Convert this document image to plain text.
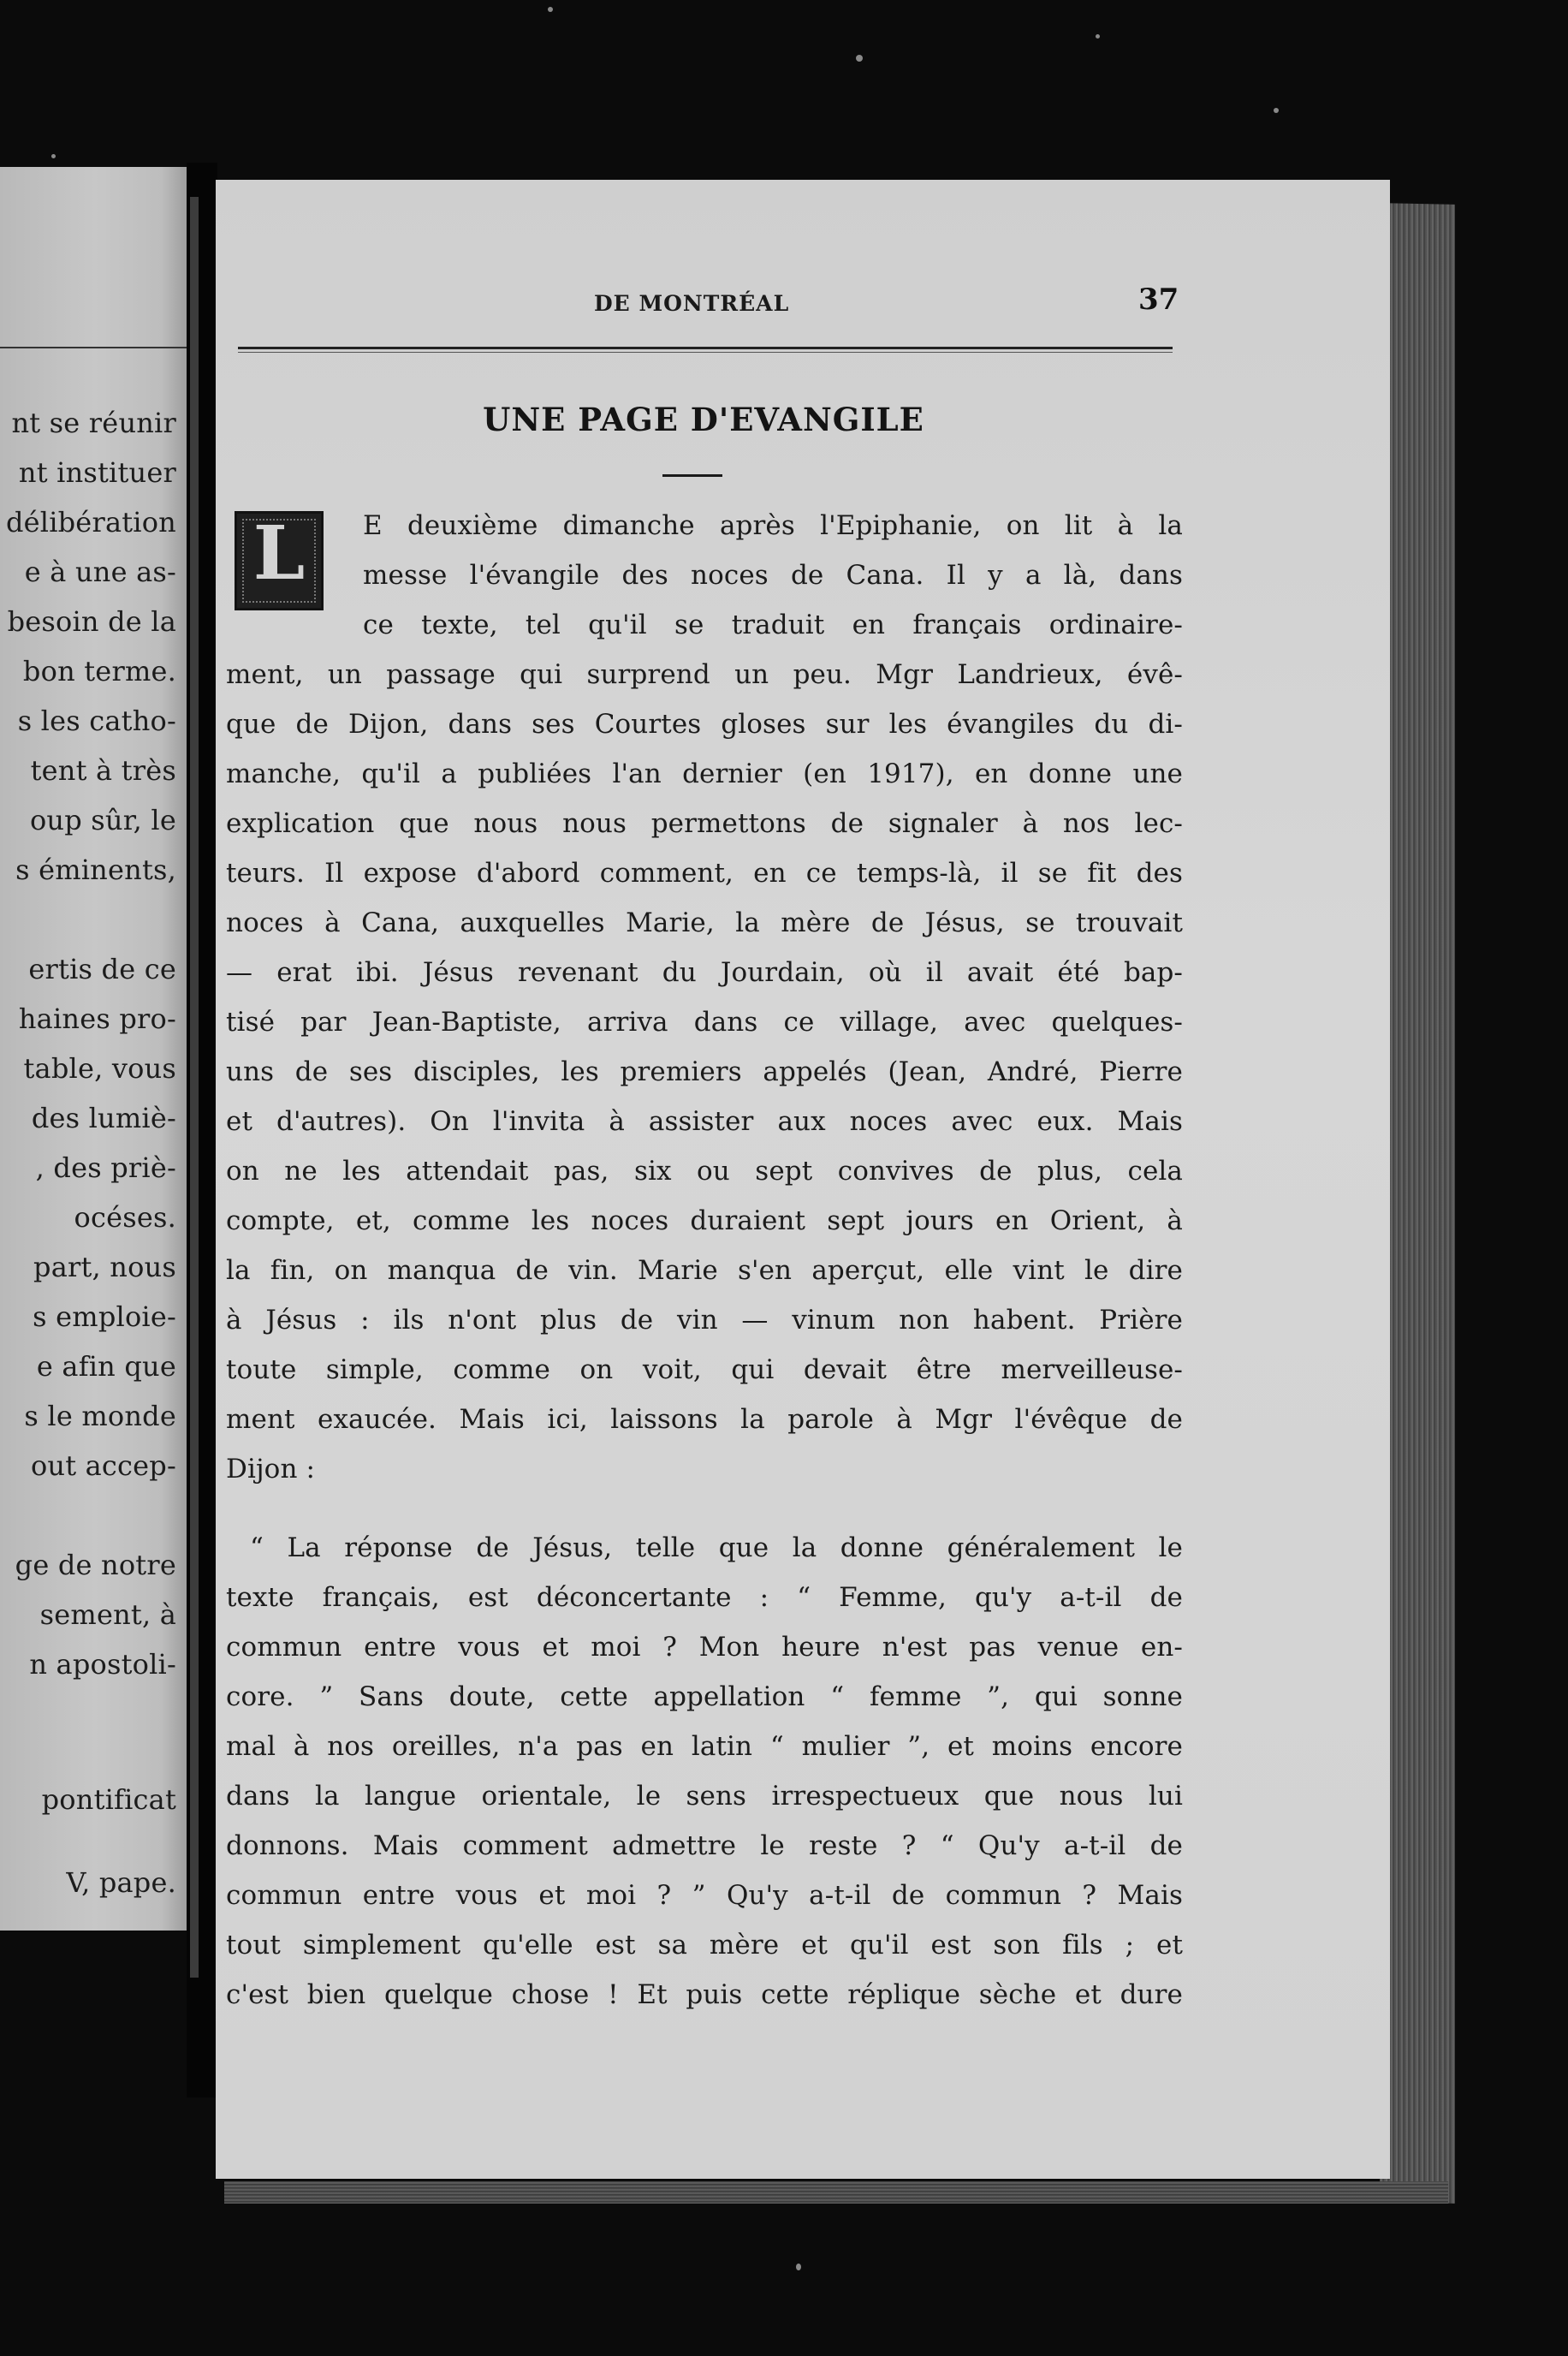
nt se réunir
nt instituer
délibération
e à une as-
besoin de la
bon terme.
s les catho-
tent à très
oup sûr, le
s éminents,
ertis de ce
haines pro-
table, vous
des lumiè-
, des priè-
océses.
part, nous
s emploie-
e afin que
s le monde
out accep-
ge de notre
sement, à
n apostoli-
pontificat
V, pape.
DE MONTRÉAL	37
UNE PAGE D'EVANGILE
L	E deuxième dimanche après l'Epiphanie, on lit à la
messe l'évangile des noces de Cana. Il y a là, dans
ce texte, tel qu'il se traduit en français ordinaire-
ment, un passage qui surprend un peu. Mgr Landrieux, évê-
que de Dijon, dans ses Courtes gloses sur les évangiles du di-
manche, qu'il a publiées l'an dernier (en 1917), en donne une
explication que nous nous permettons de signaler à nos lec-
teurs. Il expose d'abord comment, en ce temps-là, il se fit des
noces à Cana, auxquelles Marie, la mère de Jésus, se trouvait
— erat ibi. Jésus revenant du Jourdain, où il avait été bap-
tisé par Jean-Baptiste, arriva dans ce village, avec quelques-
uns de ses disciples, les premiers appelés (Jean, André, Pierre
et d'autres). On l'invita à assister aux noces avec eux. Mais
on ne les attendait pas, six ou sept convives de plus, cela
compte, et, comme les noces duraient sept jours en Orient, à
la fin, on manqua de vin. Marie s'en aperçut, elle vint le dire
à Jésus : ils n'ont plus de vin — vinum non habent. Prière
toute simple, comme on voit, qui devait être merveilleuse-
ment exaucée. Mais ici, laissons la parole à Mgr l'évêque de
Dijon :
“ La réponse de Jésus, telle que la donne généralement le
texte français, est déconcertante : “ Femme, qu'y a-t-il de
commun entre vous et moi ? Mon heure n'est pas venue en-
core. ” Sans doute, cette appellation “ femme ”, qui sonne
mal à nos oreilles, n'a pas en latin “ mulier ”, et moins encore
dans la langue orientale, le sens irrespectueux que nous lui
donnons. Mais comment admettre le reste ? “ Qu'y a-t-il de
commun entre vous et moi ? ” Qu'y a-t-il de commun ? Mais
tout simplement qu'elle est sa mère et qu'il est son fils ; et
c'est bien quelque chose ! Et puis cette réplique sèche et dure
